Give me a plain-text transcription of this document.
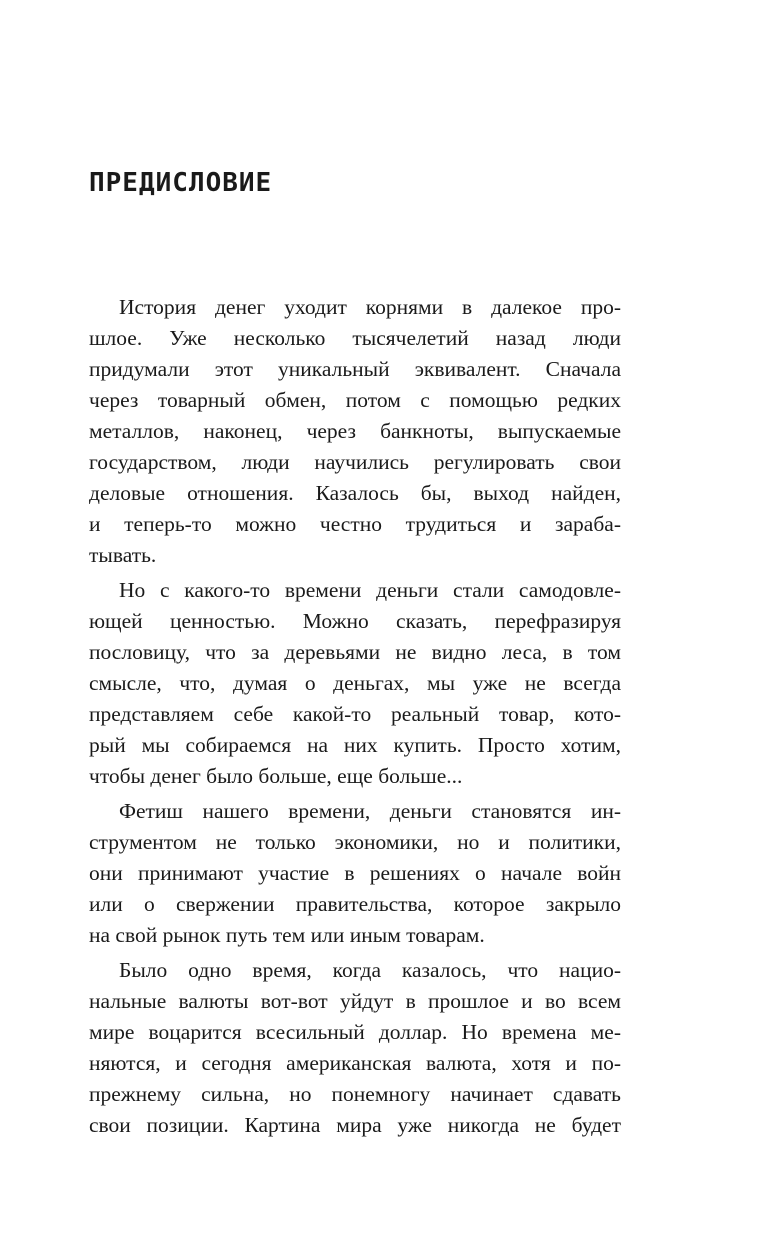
ПРЕДИСЛОВИЕ

История денег уходит корнями в далекое про-
шлое. Уже несколько тысячелетий назад люди
придумали этот уникальный эквивалент. Сначала
через товарный обмен, потом с помощью редких
металлов, наконец, через банкноты, выпускаемые
государством, люди научились регулировать свои
деловые отношения. Казалось бы, выход найден,
и теперь-то можно честно трудиться и зараба-
тывать.

Но с какого-то времени деньги стали самодовле-
ющей ценностью. Можно сказать, перефразируя
пословицу, что за деревьями не видно леса, в том
смысле, что, думая о деньгах, мы уже не всегда
представляем себе какой-то реальный товар, кото-
рый мы собираемся на них купить. Просто хотим,
чтобы денег было больше, еще больше...

Фетиш нашего времени, деньги становятся ин-
струментом не только экономики, но и политики,
они принимают участие в решениях о начале войн
или о свержении правительства, которое закрыло
на свой рынок путь тем или иным товарам.

Было одно время, когда казалось, что нацио-
нальные валюты вот-вот уйдут в прошлое и во всем
мире воцарится всесильный доллар. Но времена ме-
няются, и сегодня американская валюта, хотя и по-
прежнему сильна, но понемногу начинает сдавать
свои позиции. Картина мира уже никогда не будет
